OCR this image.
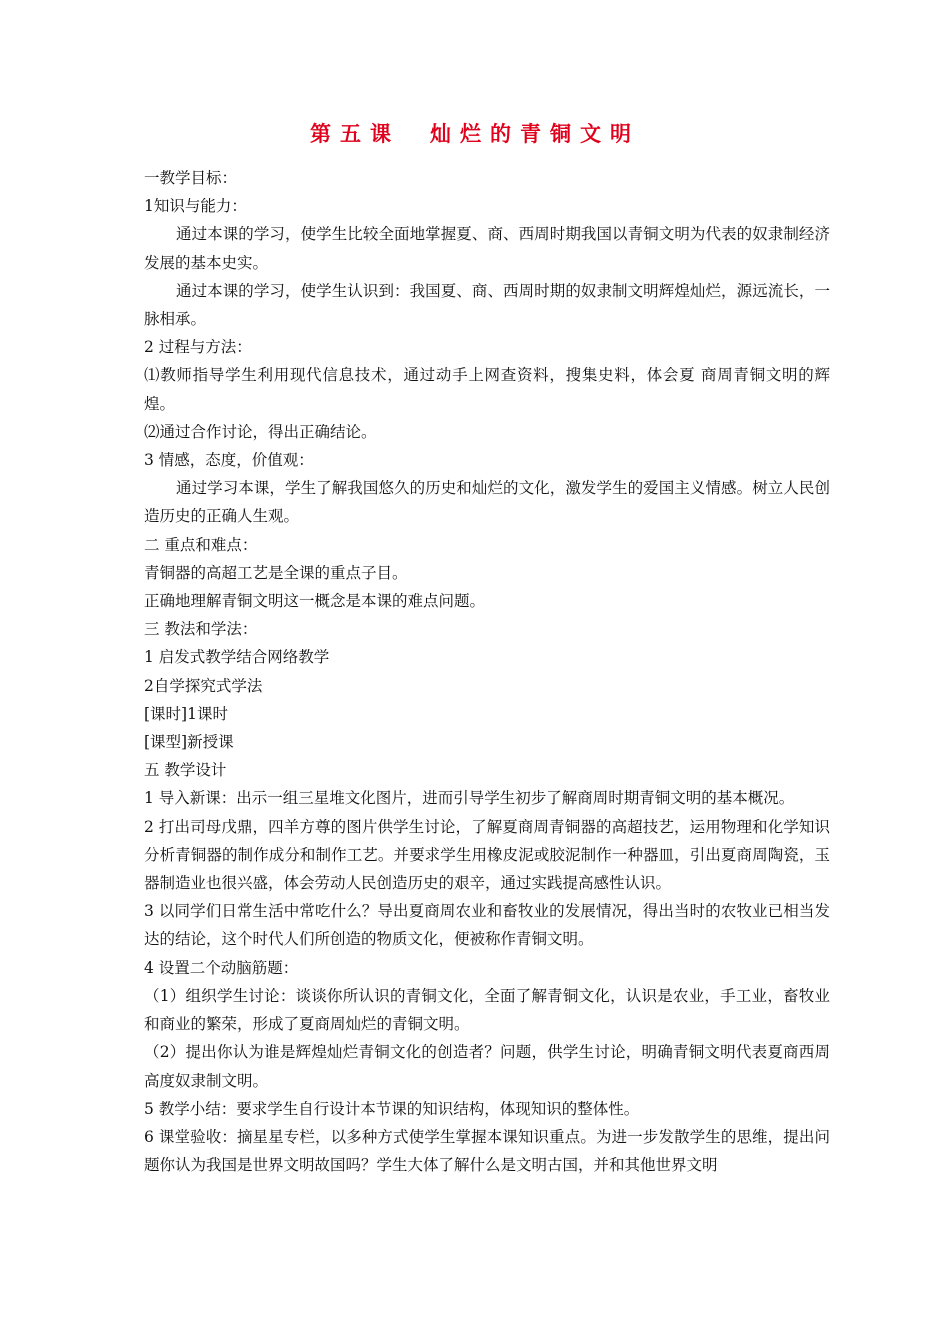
第五课　灿烂的青铜文明

一教学目标：

1知识与能力：

通过本课的学习，使学生比较全面地掌握夏、商、西周时期我国以青铜文明为代表的奴隶制经济发展的基本史实。

通过本课的学习，使学生认识到：我国夏、商、西周时期的奴隶制文明辉煌灿烂，源远流长，一脉相承。

2 过程与方法：

⑴教师指导学生利用现代信息技术，通过动手上网查资料，搜集史料，体会夏 商周青铜文明的辉煌。

⑵通过合作讨论，得出正确结论。

3 情感，态度，价值观：

通过学习本课，学生了解我国悠久的历史和灿烂的文化，激发学生的爱国主义情感。树立人民创造历史的正确人生观。

二 重点和难点：

青铜器的高超工艺是全课的重点子目。

正确地理解青铜文明这一概念是本课的难点问题。

三 教法和学法：

1 启发式教学结合网络教学

2自学探究式学法

[课时]1课时

[课型]新授课

五 教学设计

1 导入新课：出示一组三星堆文化图片，进而引导学生初步了解商周时期青铜文明的基本概况。

2 打出司母戊鼎，四羊方尊的图片供学生讨论，了解夏商周青铜器的高超技艺，运用物理和化学知识分析青铜器的制作成分和制作工艺。并要求学生用橡皮泥或胶泥制作一种器皿，引出夏商周陶瓷，玉器制造业也很兴盛，体会劳动人民创造历史的艰辛，通过实践提高感性认识。

3 以同学们日常生活中常吃什么？导出夏商周农业和畜牧业的发展情况，得出当时的农牧业已相当发达的结论，这个时代人们所创造的物质文化，便被称作青铜文明。

4 设置二个动脑筋题：

（1）组织学生讨论：谈谈你所认识的青铜文化，全面了解青铜文化，认识是农业，手工业，畜牧业和商业的繁荣，形成了夏商周灿烂的青铜文明。

（2）提出你认为谁是辉煌灿烂青铜文化的创造者？问题，供学生讨论，明确青铜文明代表夏商西周高度奴隶制文明。

5 教学小结：要求学生自行设计本节课的知识结构，体现知识的整体性。

6 课堂验收：摘星星专栏，以多种方式使学生掌握本课知识重点。为进一步发散学生的思维，提出问题你认为我国是世界文明故国吗？学生大体了解什么是文明古国，并和其他世界文明
